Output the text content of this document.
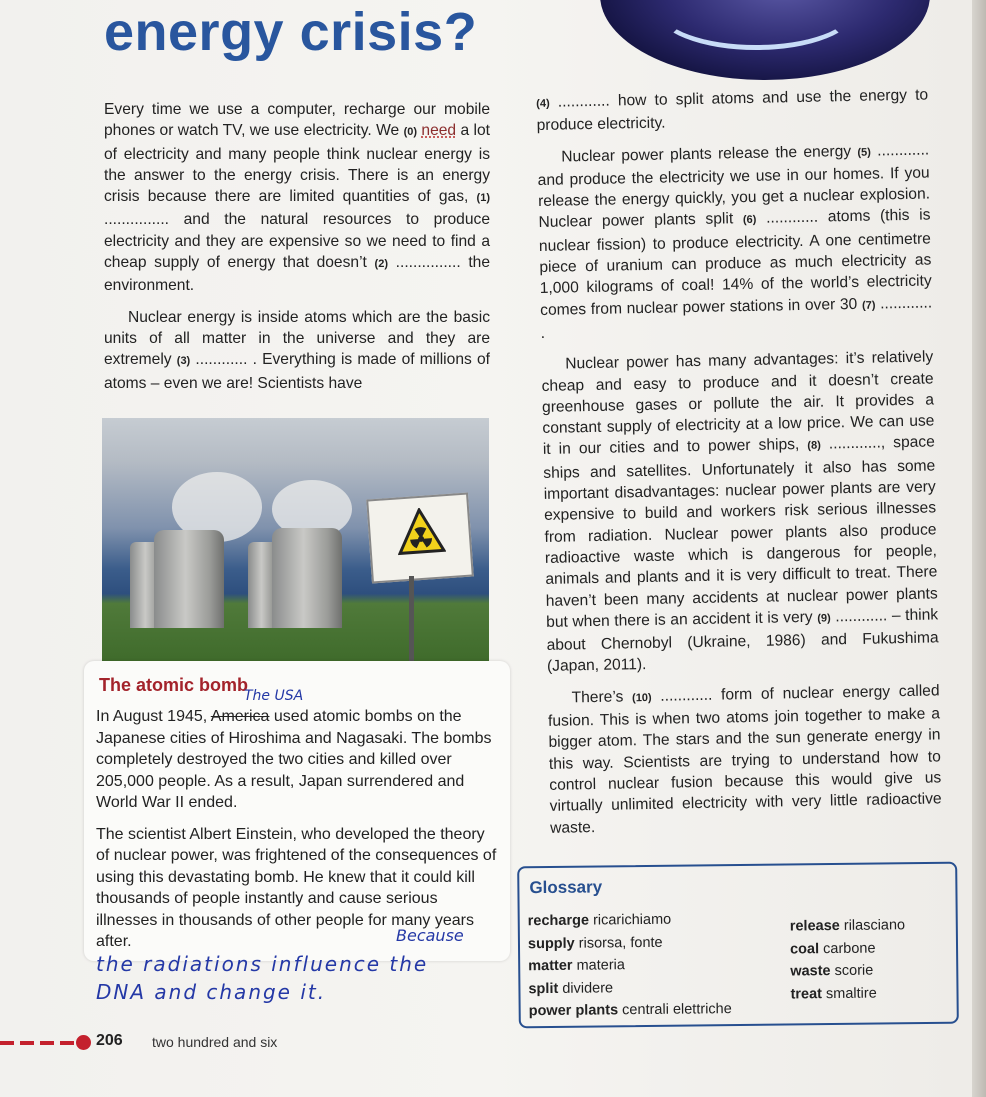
energy crisis?

Every time we use a computer, recharge our mobile phones or watch TV, we use electricity. We (0) need a lot of electricity and many people think nuclear energy is the answer to the energy crisis. There is an energy crisis because there are limited quantities of gas, (1) ............... and the natural resources to produce electricity and they are expensive so we need to find a cheap supply of energy that doesn’t (2) ............... the environment.

Nuclear energy is inside atoms which are the basic units of all matter in the universe and they are extremely (3) ............ . Everything is made of millions of atoms – even we are! Scientists have

The atomic bomb
The USA

In August 1945, America used atomic bombs on the Japanese cities of Hiroshima and Nagasaki. The bombs completely destroyed the two cities and killed over 205,000 people. As a result, Japan surrendered and World War II ended.

The scientist Albert Einstein, who developed the theory of nuclear power, was frightened of the consequences of using this devastating bomb. He knew that it could kill thousands of people instantly and cause serious illnesses in thousands of other people for many years after.	Because
the radiations influence the
DNA and change it.

(4) ............ how to split atoms and use the energy to produce electricity.

Nuclear power plants release the energy (5) ............ and produce the electricity we use in our homes. If you release the energy quickly, you get a nuclear explosion. Nuclear power plants split (6) ............ atoms (this is nuclear fission) to produce electricity. A one centimetre piece of uranium can produce as much electricity as 1,000 kilograms of coal! 14% of the world’s electricity comes from nuclear power stations in over 30 (7) ............ .

Nuclear power has many advantages: it’s relatively cheap and easy to produce and it doesn’t create greenhouse gases or pollute the air. It provides a constant supply of electricity at a low price. We can use it in our cities and to power ships, (8) ............, space ships and satellites. Unfortunately it also has some important disadvantages: nuclear power plants are very expensive to build and workers risk serious illnesses from radiation. Nuclear power plants also produce radioactive waste which is dangerous for people, animals and plants and it is very difficult to treat. There haven’t been many accidents at nuclear power plants but when there is an accident it is very (9) ............ – think about Chernobyl (Ukraine, 1986) and Fukushima (Japan, 2011).

There’s (10) ............ form of nuclear energy called fusion. This is when two atoms join together to make a bigger atom. The stars and the sun generate energy in this way. Scientists are trying to understand how to control nuclear fusion because this would give us virtually unlimited electricity with very little radioactive waste.

Glossary
recharge ricarichiamo
supply risorsa, fonte
matter materia
split dividere
power plants centrali elettriche
release rilasciano
coal carbone
waste scorie
treat smaltire
206 two hundred and six
